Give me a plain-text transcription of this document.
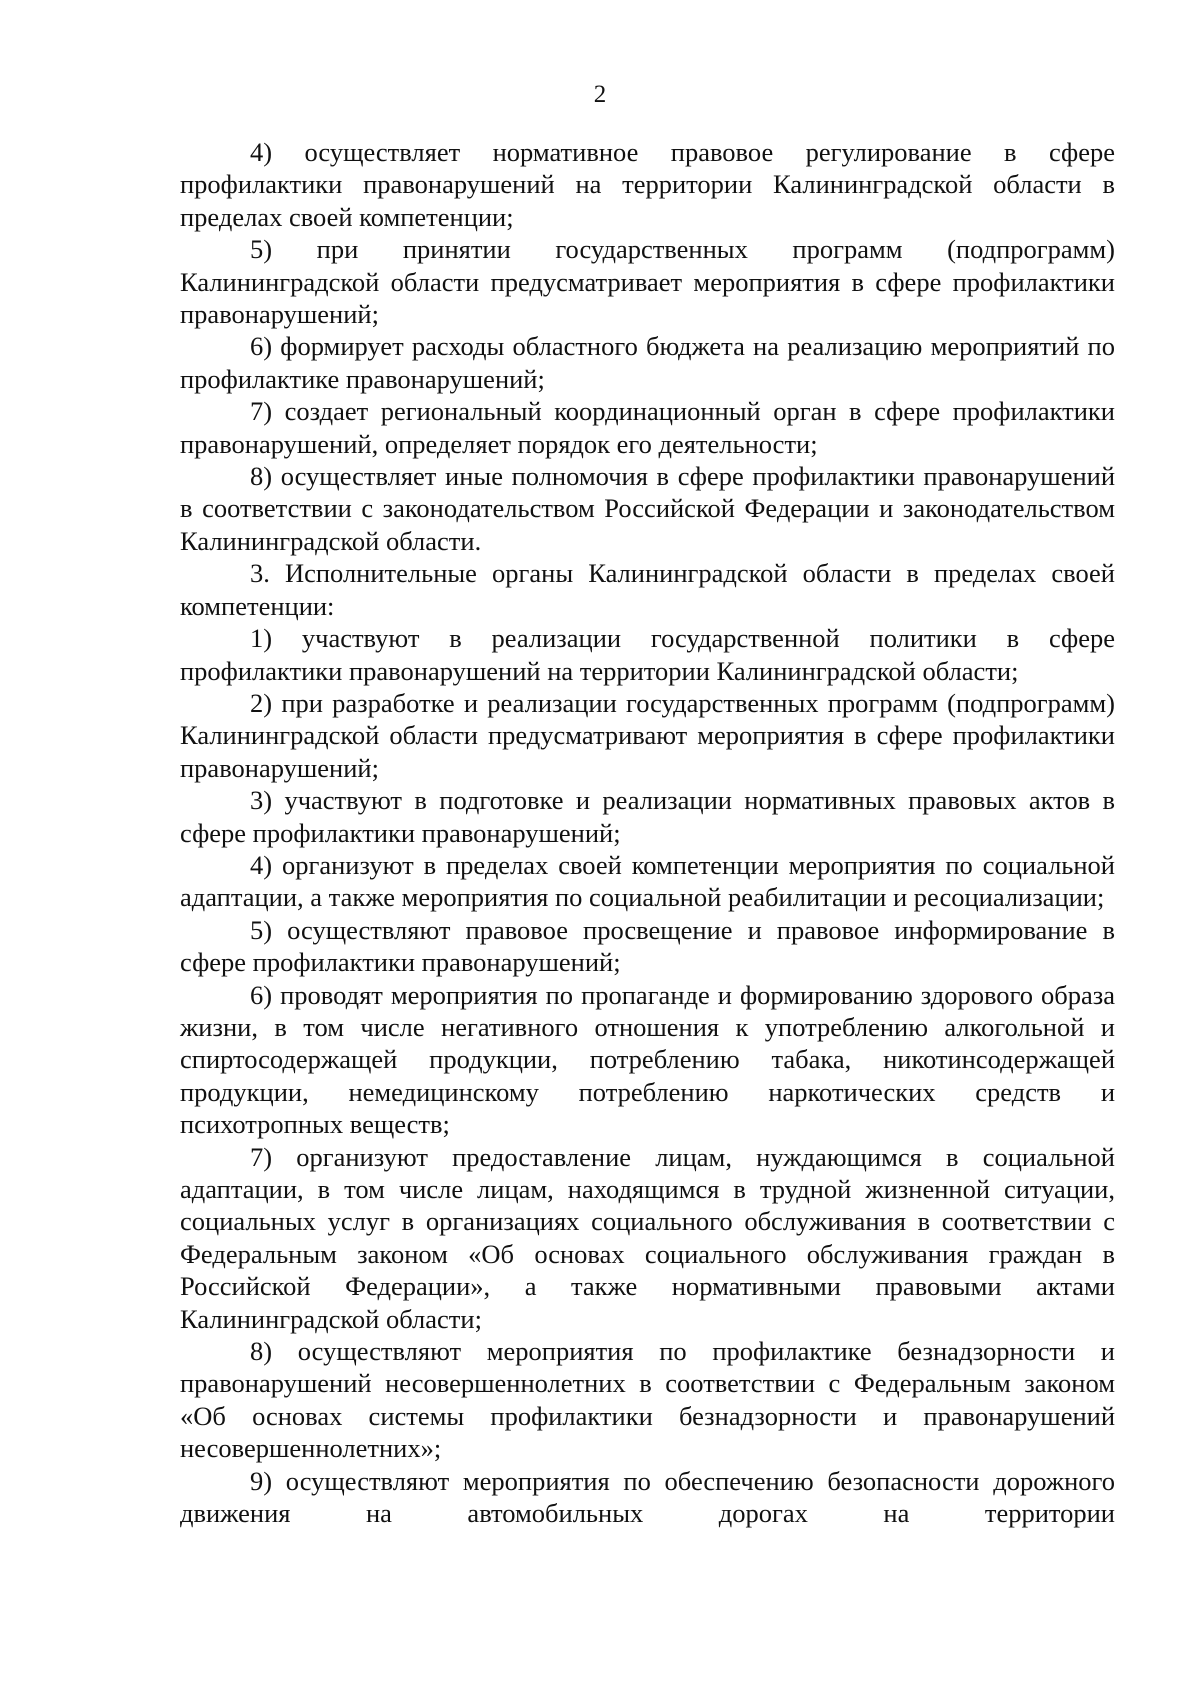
2

4) осуществляет нормативное правовое регулирование в сфере профилактики правонарушений на территории Калининградской области в пределах своей компетенции;

5) при принятии государственных программ (подпрограмм) Калининградской области предусматривает мероприятия в сфере профилактики правонарушений;

6) формирует расходы областного бюджета на реализацию мероприятий по профилактике правонарушений;

7) создает региональный координационный орган в сфере профилактики правонарушений, определяет порядок его деятельности;

8) осуществляет иные полномочия в сфере профилактики правонарушений в соответствии с законодательством Российской Федерации и законодательством Калининградской области.

3. Исполнительные органы Калининградской области в пределах своей компетенции:

1) участвуют в реализации государственной политики в сфере профилактики правонарушений на территории Калининградской области;

2) при разработке и реализации государственных программ (подпрограмм) Калининградской области предусматривают мероприятия в сфере профилактики правонарушений;

3) участвуют в подготовке и реализации нормативных правовых актов в сфере профилактики правонарушений;

4) организуют в пределах своей компетенции мероприятия по социальной адаптации, а также мероприятия по социальной реабилитации и ресоциализации;

5) осуществляют правовое просвещение и правовое информирование в сфере профилактики правонарушений;

6) проводят мероприятия по пропаганде и формированию здорового образа жизни, в том числе негативного отношения к употреблению алкогольной и спиртосодержащей продукции, потреблению табака, никотинсодержащей продукции, немедицинскому потреблению наркотических средств и психотропных веществ;

7) организуют предоставление лицам, нуждающимся в социальной адаптации, в том числе лицам, находящимся в трудной жизненной ситуации, социальных услуг в организациях социального обслуживания в соответствии с Федеральным законом «Об основах социального обслуживания граждан в Российской Федерации», а также нормативными правовыми актами Калининградской области;

8) осуществляют мероприятия по профилактике безнадзорности и правонарушений несовершеннолетних в соответствии с Федеральным законом «Об основах системы профилактики безнадзорности и правонарушений несовершеннолетних»;

9) осуществляют мероприятия по обеспечению безопасности дорожного движения на автомобильных дорогах на территории
